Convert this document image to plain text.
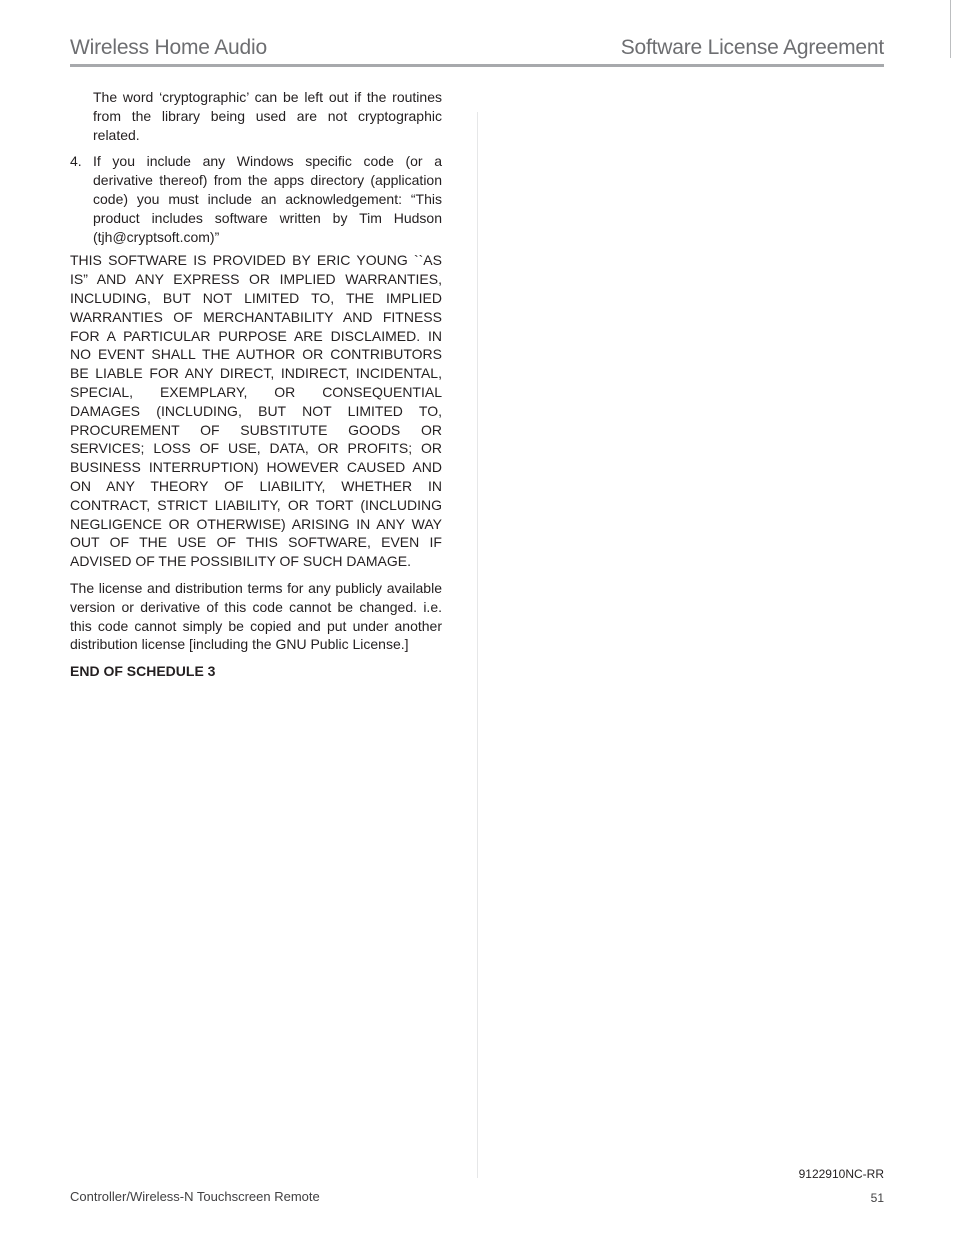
Wireless Home Audio	Software License Agreement

The word ‘cryptographic’ can be left out if the routines from the library being used are not cryptographic related.

4. If you include any Windows specific code (or a derivative thereof) from the apps directory (application code) you must include an acknowledgement: “This product includes software written by Tim Hudson (tjh@cryptsoft.com)”

THIS SOFTWARE IS PROVIDED BY ERIC YOUNG ``AS IS” AND ANY EXPRESS OR IMPLIED WARRANTIES, INCLUDING, BUT NOT LIMITED TO, THE IMPLIED WARRANTIES OF MERCHANTABILITY AND FITNESS FOR A PARTICULAR PURPOSE ARE DISCLAIMED. IN NO EVENT SHALL THE AUTHOR OR CONTRIBUTORS BE LIABLE FOR ANY DIRECT, INDIRECT, INCIDENTAL, SPECIAL, EXEMPLARY, OR CONSEQUENTIAL DAMAGES (INCLUDING, BUT NOT LIMITED TO, PROCUREMENT OF SUBSTITUTE GOODS OR SERVICES; LOSS OF USE, DATA, OR PROFITS; OR BUSINESS INTERRUPTION) HOWEVER CAUSED AND ON ANY THEORY OF LIABILITY, WHETHER IN CONTRACT, STRICT LIABILITY, OR TORT (INCLUDING NEGLIGENCE OR OTHERWISE) ARISING IN ANY WAY OUT OF THE USE OF THIS SOFTWARE, EVEN IF ADVISED OF THE POSSIBILITY OF SUCH DAMAGE.

The license and distribution terms for any publicly available version or derivative of this code cannot be changed. i.e. this code cannot simply be copied and put under another distribution license [including the GNU Public License.]

END OF SCHEDULE 3

9122910NC-RR
Controller/Wireless-N Touchscreen Remote	51
